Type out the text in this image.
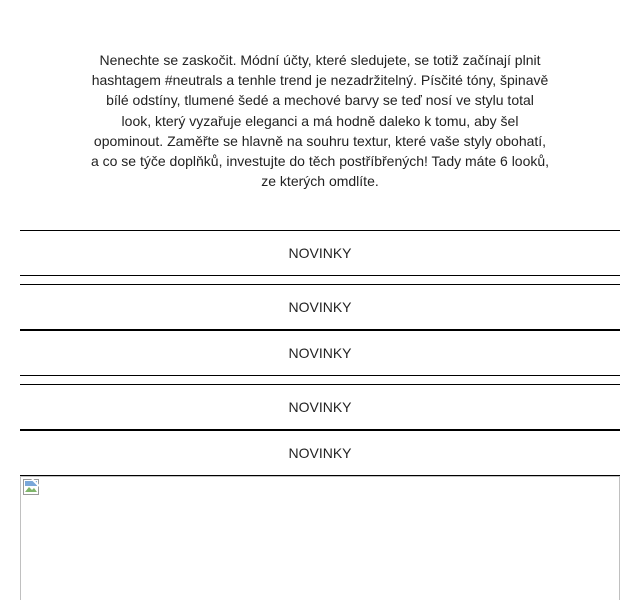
Nenechte se zaskočit. Módní účty, které sledujete, se totiž začínají plnit
hashtagem #neutrals a tenhle trend je nezadržitelný. Písčité tóny, špinavě
bílé odstíny, tlumené šedé a mechové barvy se teď nosí ve stylu total
look, který vyzařuje eleganci a má hodně daleko k tomu, aby šel
opominout. Zaměřte se hlavně na souhru textur, které vaše styly obohatí,
a co se týče doplňků, investujte do těch postříbřených! Tady máte 6 looků,
ze kterých omdlíte.
NOVINKY
NOVINKY
NOVINKY
NOVINKY
NOVINKY
